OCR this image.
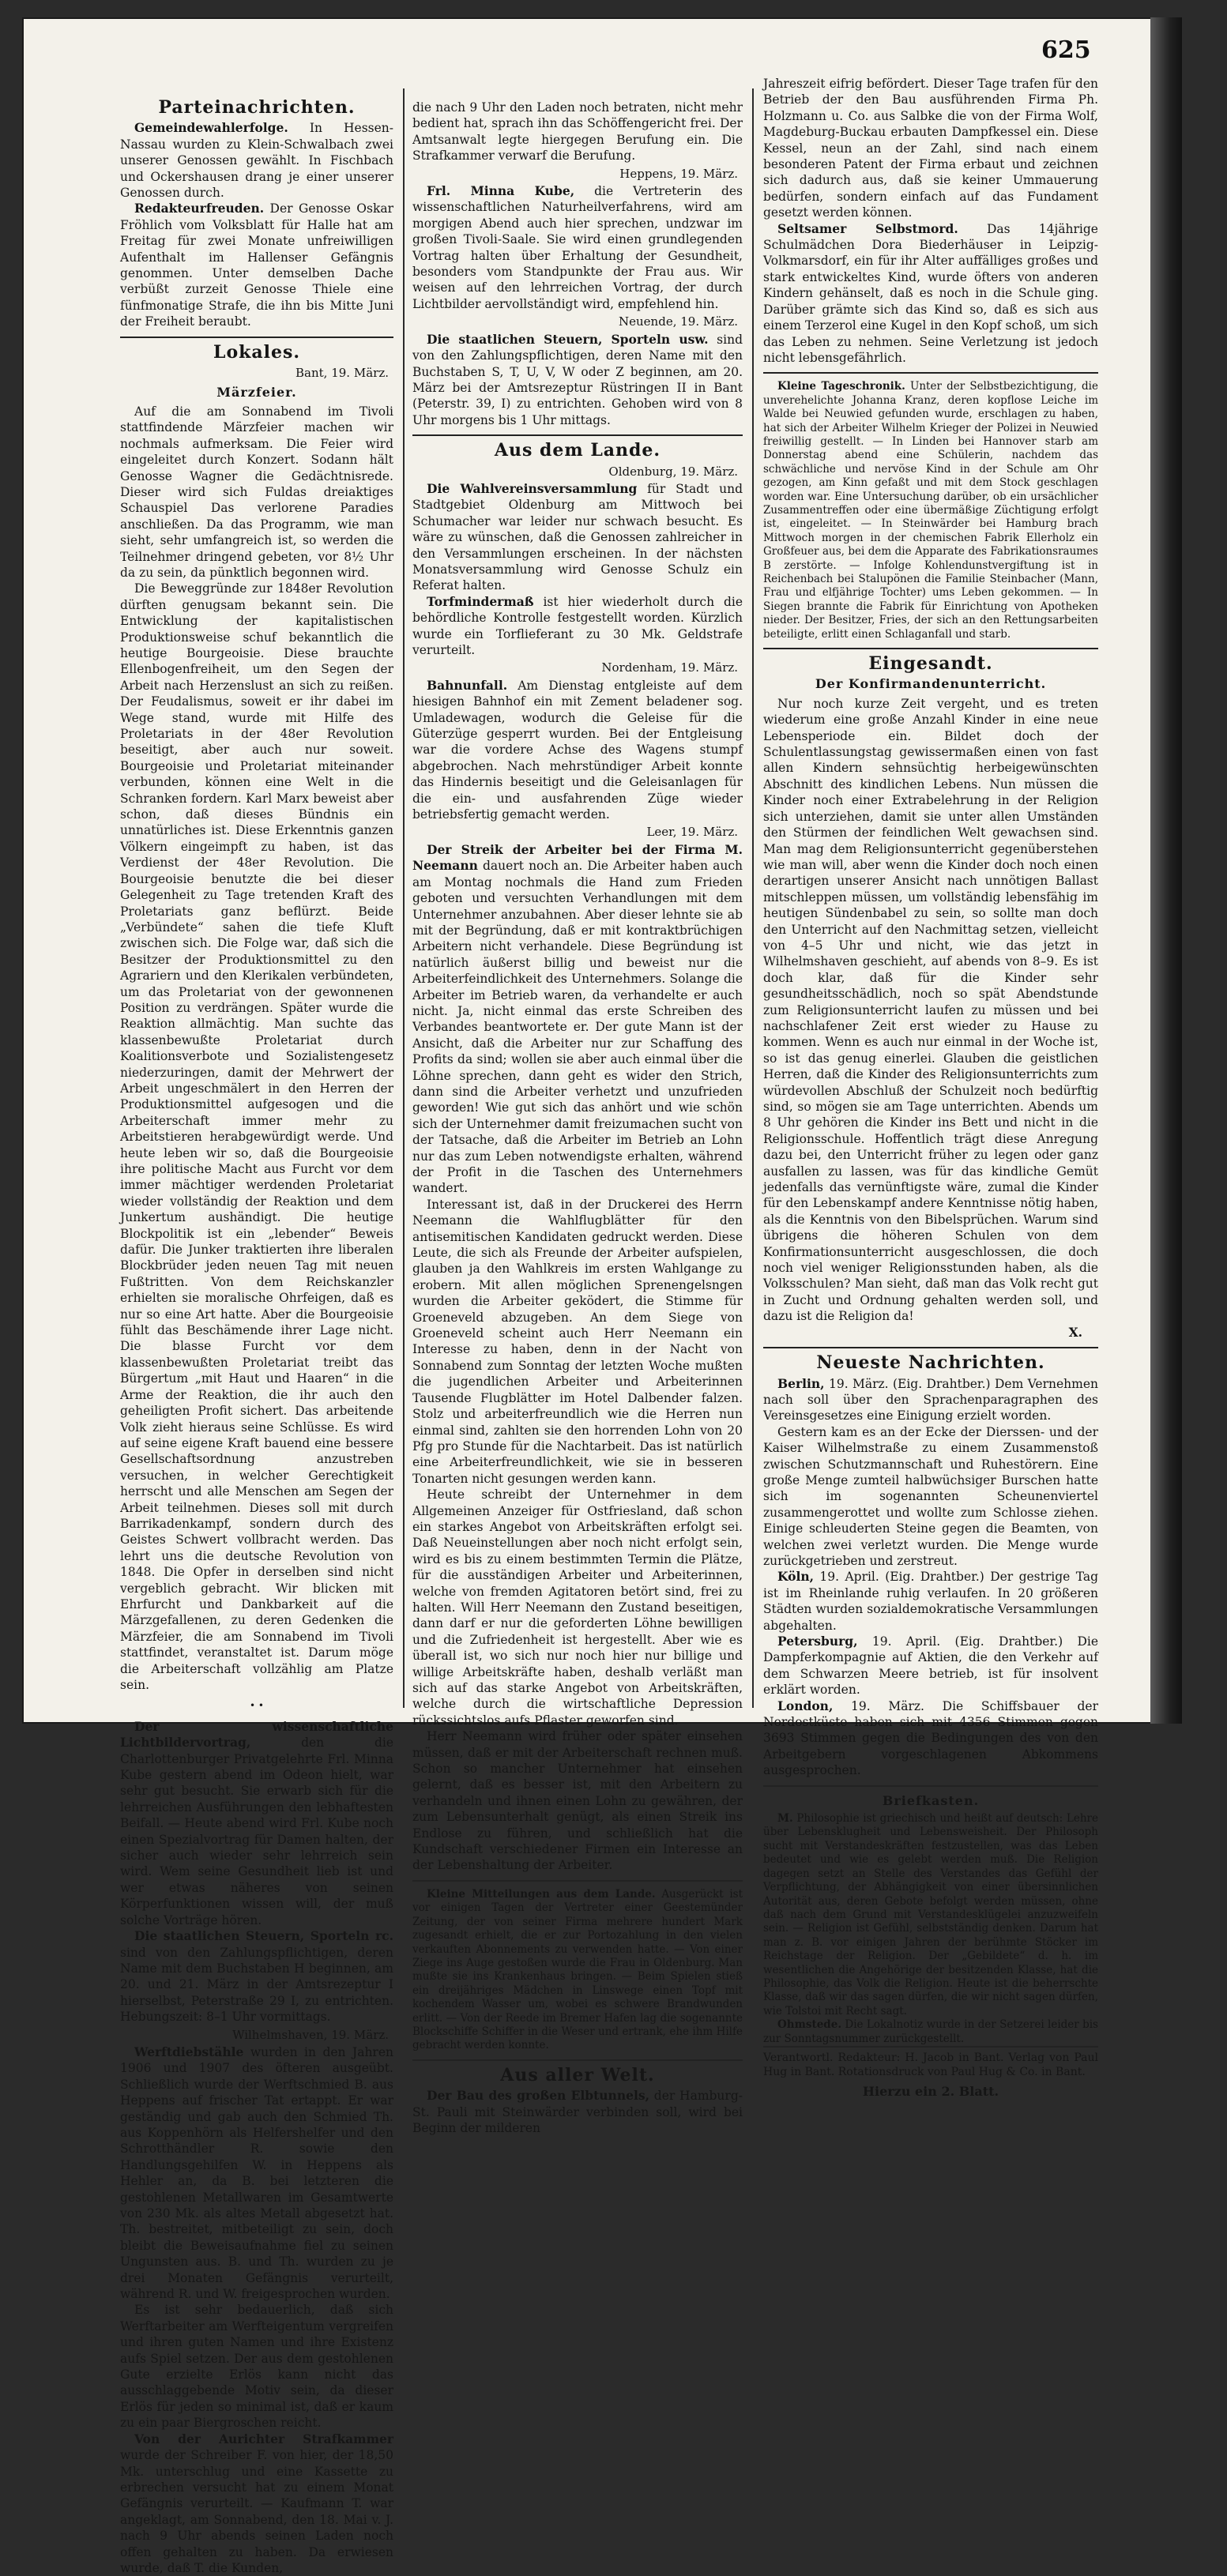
625
Parteinachrichten.

Gemeindewahlerfolge. In Hessen-Nassau wurden zu Klein-Schwalbach zwei unserer Genossen gewählt. In Fischbach und Ockershausen drang je einer unserer Genossen durch.

Redakteurfreuden. Der Genosse Oskar Fröhlich vom Volksblatt für Halle hat am Freitag für zwei Monate unfreiwilligen Aufenthalt im Hallenser Gefängnis genommen. Unter demselben Dache verbüßt zurzeit Genosse Thiele eine fünfmonatige Strafe, die ihn bis Mitte Juni der Freiheit beraubt.

Lokales.
Bant, 19. März.
Märzfeier.

Auf die am Sonnabend im Tivoli stattfindende Märzfeier machen wir nochmals aufmerksam. Die Feier wird eingeleitet durch Konzert. Sodann hält Genosse Wagner die Gedächtnisrede. Dieser wird sich Fuldas dreiaktiges Schauspiel Das verlorene Paradies anschließen. Da das Programm, wie man sieht, sehr umfangreich ist, so werden die Teilnehmer dringend gebeten, vor 8½ Uhr da zu sein, da pünktlich begonnen wird.

Die Beweggründe zur 1848er Revolution dürften genugsam bekannt sein. Die Entwicklung der kapitalistischen Produktionsweise schuf bekanntlich die heutige Bourgeoisie. Diese brauchte Ellenbogenfreiheit, um den Segen der Arbeit nach Herzenslust an sich zu reißen. Der Feudalismus, soweit er ihr dabei im Wege stand, wurde mit Hilfe des Proletariats in der 48er Revolution beseitigt, aber auch nur soweit. Bourgeoisie und Proletariat miteinander verbunden, können eine Welt in die Schranken fordern. Karl Marx beweist aber schon, daß dieses Bündnis ein unnatürliches ist. Diese Erkenntnis ganzen Völkern eingeimpft zu haben, ist das Verdienst der 48er Revolution. Die Bourgeoisie benutzte die bei dieser Gelegenheit zu Tage tretenden Kraft des Proletariats ganz beflürzt. Beide „Verbündete“ sahen die tiefe Kluft zwischen sich. Die Folge war, daß sich die Besitzer der Produktionsmittel zu den Agrariern und den Klerikalen verbündeten, um das Proletariat von der gewonnenen Position zu verdrängen. Später wurde die Reaktion allmächtig. Man suchte das klassenbewußte Proletariat durch Koalitionsverbote und Sozialistengesetz niederzuringen, damit der Mehrwert der Arbeit ungeschmälert in den Herren der Produktionsmittel aufgesogen und die Arbeiterschaft immer mehr zu Arbeitstieren herabgewürdigt werde. Und heute leben wir so, daß die Bourgeoisie ihre politische Macht aus Furcht vor dem immer mächtiger werdenden Proletariat wieder vollständig der Reaktion und dem Junkertum aushändigt. Die heutige Blockpolitik ist ein „lebender“ Beweis dafür. Die Junker traktierten ihre liberalen Blockbrüder jeden neuen Tag mit neuen Fußtritten. Von dem Reichskanzler erhielten sie moralische Ohrfeigen, daß es nur so eine Art hatte. Aber die Bourgeoisie fühlt das Beschämende ihrer Lage nicht. Die blasse Furcht vor dem klassenbewußten Proletariat treibt das Bürgertum „mit Haut und Haaren“ in die Arme der Reaktion, die ihr auch den geheiligten Profit sichert. Das arbeitende Volk zieht hieraus seine Schlüsse. Es wird auf seine eigene Kraft bauend eine bessere Gesellschaftsordnung anzustreben versuchen, in welcher Gerechtigkeit herrscht und alle Menschen am Segen der Arbeit teilnehmen. Dieses soll mit durch Barrikadenkampf, sondern durch des Geistes Schwert vollbracht werden. Das lehrt uns die deutsche Revolution von 1848. Die Opfer in derselben sind nicht vergeblich gebracht. Wir blicken mit Ehrfurcht und Dankbarkeit auf die Märzgefallenen, zu deren Gedenken die Märzfeier, die am Sonnabend im Tivoli stattfindet, veranstaltet ist. Darum möge die Arbeiterschaft vollzählig am Platze sein.

• •

Der wissenschaftliche Lichtbildervortrag,	den die Charlottenburger Privatgelehrte Frl. Minna Kube gestern abend im Odeon hielt, war sehr gut besucht. Sie erwarb sich für die lehrreichen Ausführungen den lebhaftesten Beifall. — Heute abend wird Frl. Kube noch einen Spezialvortrag für Damen halten, der sicher auch wieder sehr lehrreich sein wird. Wem seine Gesundheit lieb ist und wer etwas näheres von seinen Körperfunktionen wissen will, der muß solche Vorträge hören.

Die staatlichen Steuern, Sporteln rc. sind von den Zahlungspflichtigen, deren Name mit dem Buchstaben H beginnen, am 20. und 21. März in der Amtsrezeptur I hierselbst, Peterstraße 29 I, zu entrichten. Hebungszeit: 8–1 Uhr vormittags.

Wilhelmshaven, 19. März.

Werftdiebstähle wurden in den Jahren 1906 und 1907 des öfteren ausgeübt. Schließlich wurde der Werftschmied B. aus Heppens auf frischer Tat ertappt. Er war geständig und gab auch den Schmied Th. aus Koppenhörn als Helfershelfer und den Schrotthändler R. sowie den Handlungsgehilfen W. in Heppens als Hehler an, da B. bei letzteren die gestohlenen Metallwaren im Gesamtwerte von 230 Mk. als altes Metall abgesetzt hat. Th. bestreitet, mitbeteiligt zu sein, doch bleibt die Beweisaufnahme fiel zu seinen Ungunsten aus. B. und Th. wurden zu je drei Monaten Gefängnis verurteilt, während R. und W. freigesprochen wurden.

Es ist sehr bedauerlich, daß sich Werftarbeiter am Werfteigentum vergreifen und ihren guten Namen und ihre Existenz aufs Spiel setzen. Der aus dem gestohlenen Gute erzielte Erlös kann nicht das ausschlaggebende Motiv sein, da dieser Erlös für jeden so minimal ist, daß er kaum zu ein paar Biergroschen reicht.

Von der Aurichter Strafkammer wurde der Schreiber F. von hier, der 18,50 Mk. unterschlug und eine Kassette zu erbrechen versucht hat zu einem Monat Gefängnis verurteilt. — Kaufmann T. war angeklagt, am Sonnabend, den 18. Mai v. J. nach 9 Uhr abends seinen Laden noch offen gehalten zu haben. Da erwiesen wurde, daß T. die Kunden,

die nach 9 Uhr den Laden noch betraten, nicht mehr bedient hat, sprach ihn das Schöffengericht frei. Der Amtsanwalt legte hiergegen Berufung ein. Die Strafkammer verwarf die Berufung.

Heppens, 19. März.

Frl. Minna Kube, die Vertreterin des wissenschaftlichen Naturheilverfahrens, wird am morgigen Abend auch hier sprechen, undzwar im großen Tivoli-Saale. Sie wird einen grundlegenden Vortrag halten über Erhaltung der Gesundheit, besonders vom Standpunkte der Frau aus. Wir weisen auf den lehrreichen Vortrag, der durch Lichtbilder aervollständigt wird, empfehlend hin.

Neuende, 19. März.

Die staatlichen Steuern, Sporteln usw. sind von den Zahlungspflichtigen, deren Name mit den Buchstaben S, T, U, V, W oder Z beginnen, am 20. März bei der Amtsrezeptur Rüstringen II in Bant (Peterstr. 39, I) zu entrichten. Gehoben wird von 8 Uhr morgens bis 1 Uhr mittags.

Aus dem Lande.
Oldenburg, 19. März.

Die Wahlvereinsversammlung für Stadt und Stadtgebiet Oldenburg am Mittwoch bei Schumacher war leider nur schwach besucht. Es wäre zu wünschen, daß die Genossen zahlreicher in den Versammlungen erscheinen. In der nächsten Monatsversammlung wird Genosse Schulz ein Referat halten.

Torfmindermaß ist hier wiederholt durch die behördliche Kontrolle festgestellt worden. Kürzlich wurde ein Torflieferant zu 30 Mk. Geldstrafe verurteilt.

Nordenham, 19. März.

Bahnunfall. Am Dienstag entgleiste auf dem hiesigen Bahnhof ein mit Zement beladener sog. Umladewagen, wodurch die Geleise für die Güterzüge gesperrt wurden. Bei der Entgleisung war die vordere Achse des Wagens stumpf abgebrochen. Nach mehrstündiger Arbeit konnte das Hindernis beseitigt und die Geleisanlagen für die ein- und ausfahrenden Züge wieder betriebsfertig gemacht werden.

Leer, 19. März.

Der Streik der Arbeiter bei der Firma M. Neemann dauert noch an. Die Arbeiter haben auch am Montag nochmals die Hand zum Frieden geboten und versuchten Verhandlungen mit dem Unternehmer anzubahnen. Aber dieser lehnte sie ab mit der Begründung, daß er mit kontraktbrüchigen Arbeitern nicht verhandele. Diese Begründung ist natürlich äußerst billig und beweist nur die Arbeiterfeindlichkeit des Unternehmers. Solange die Arbeiter im Betrieb waren, da verhandelte er auch nicht. Ja, nicht einmal das erste Schreiben des Verbandes beantwortete er. Der gute Mann ist der Ansicht, daß die Arbeiter nur zur Schaffung des Profits da sind; wollen sie aber auch einmal über die Löhne sprechen, dann geht es wider den Strich, dann sind die Arbeiter verhetzt und unzufrieden geworden! Wie gut sich das anhört und wie schön sich der Unternehmer damit freizumachen sucht von der Tatsache, daß die Arbeiter im Betrieb an Lohn nur das zum Leben notwendigste erhalten, während der Profit in die Taschen des Unternehmers wandert.

Interessant ist, daß in der Druckerei des Herrn Neemann die Wahlflugblätter für den antisemitischen Kandidaten gedruckt werden. Diese Leute, die sich als Freunde der Arbeiter aufspielen, glauben ja den Wahlkreis im ersten Wahlgange zu erobern. Mit allen möglichen Sprenengelsngen wurden die Arbeiter geködert, die Stimme für Groeneveld abzugeben. An dem Siege von Groeneveld scheint auch Herr Neemann ein Interesse zu haben, denn in der Nacht von Sonnabend zum Sonntag der letzten Woche mußten die jugendlichen Arbeiter und Arbeiterinnen Tausende Flugblätter im Hotel Dalbender falzen. Stolz und arbeiterfreundlich wie die Herren nun einmal sind, zahlten sie den horrenden Lohn von 20 Pfg pro Stunde für die Nachtarbeit. Das ist natürlich eine Arbeiterfreundlichkeit, wie sie in besseren Tonarten nicht gesungen werden kann.

Heute schreibt der Unternehmer in dem Allgemeinen Anzeiger für Ostfriesland, daß schon ein starkes Angebot von Arbeitskräften erfolgt sei. Daß Neueinstellungen aber noch nicht erfolgt sein, wird es bis zu einem bestimmten Termin die Plätze, für die ausständigen Arbeiter und Arbeiterinnen, welche von fremden Agitatoren betört sind, frei zu halten. Will Herr Neemann den Zustand beseitigen, dann darf er nur die geforderten Löhne bewilligen und die Zufriedenheit ist hergestellt. Aber wie es überall ist, wo sich nur noch hier nur billige und willige Arbeitskräfte haben, deshalb verläßt man sich auf das starke Angebot von Arbeitskräften, welche durch die wirtschaftliche Depression rückssichtslos aufs Pflaster geworfen sind.

Herr Neemann wird früher oder später einsehen müssen, daß er mit der Arbeiterschaft rechnen muß. Schon so mancher Unternehmer hat einsehen gelernt, daß es besser ist, mit den Arbeitern zu verhandeln und ihnen einen Lohn zu gewähren, der zum Lebensunterhalt genügt, als einen Streik ins Endlose zu führen, und schließlich hat die Kundschaft verschiedener Firmen ein Interesse an der Lebenshaltung der Arbeiter.

Kleine Mitteilungen aus dem Lande. Ausgerückt ist vor einigen Tagen der Vertreter einer Geestemünder Zeitung, der von seiner Firma mehrere hundert Mark zugesandt erhielt, die er zur Portozahlung in den vielen verkauften Abonnements zu verwenden hatte. — Von einer Ziege ins Auge gestoßen wurde die Frau in Oldenburg. Man mußte sie ins Krankenhaus bringen. — Beim Spielen stieß ein dreijähriges Mädchen in Linswege einen Topf mit kochendem Wasser um, wobei es schwere Brandwunden erlitt. — Von der Reede im Bremer Hafen lag die sogenannte Blockschiffe Schiffer in die Weser und ertrank, ehe ihm Hilfe gebracht werden konnte.

Aus aller Welt.

Der Bau des großen Elbtunnels, der Hamburg-St. Pauli mit Steinwärder verbinden soll, wird bei Beginn der milderen

Jahreszeit eifrig befördert. Dieser Tage trafen für den Betrieb der den Bau ausführenden Firma Ph. Holzmann u. Co. aus Salbke die von der Firma Wolf, Magdeburg-Buckau erbauten Dampfkessel ein. Diese Kessel, neun an der Zahl, sind nach einem besonderen Patent der Firma erbaut und zeichnen sich dadurch aus, daß sie keiner Ummauerung bedürfen, sondern einfach auf das Fundament gesetzt werden können.

Seltsamer Selbstmord. Das 14jährige Schulmädchen Dora Biederhäuser in Leipzig-Volkmarsdorf, ein für ihr Alter auffälliges großes und stark entwickeltes Kind, wurde öfters von anderen Kindern gehänselt, daß es noch in die Schule ging. Darüber grämte sich das Kind so, daß es sich aus einem Terzerol eine Kugel in den Kopf schoß, um sich das Leben zu nehmen. Seine Verletzung ist jedoch nicht lebensgefährlich.

Kleine Tageschronik. Unter der Selbstbezichtigung, die unverehelichte Johanna Kranz, deren kopflose Leiche im Walde bei Neuwied gefunden wurde, erschlagen zu haben, hat sich der Arbeiter Wilhelm Krieger der Polizei in Neuwied freiwillig gestellt. — In Linden bei Hannover starb am Donnerstag abend eine Schülerin, nachdem das schwächliche und nervöse Kind in der Schule am Ohr gezogen, am Kinn gefaßt und mit dem Stock geschlagen worden war. Eine Untersuchung darüber, ob ein ursächlicher Zusammentreffen oder eine übermäßige Züchtigung erfolgt ist, eingeleitet. — In Steinwärder bei Hamburg brach Mittwoch morgen in der chemischen Fabrik Ellerholz ein Großfeuer aus, bei dem die Apparate des Fabrikationsraumes B zerstörte. — Infolge Kohlendunstvergiftung ist in Reichenbach bei Stalupönen die Familie Steinbacher (Mann, Frau und elfjährige Tochter) ums Leben gekommen. — In Siegen brannte die Fabrik für Einrichtung von Apotheken nieder. Der Besitzer, Fries, der sich an den Rettungsarbeiten beteiligte, erlitt einen Schlaganfall und starb.

Eingesandt.
Der Konfirmandenunterricht.

Nur noch kurze Zeit vergeht, und es treten wiederum eine große Anzahl Kinder in eine neue Lebensperiode ein. Bildet doch der Schulentlassungstag gewissermaßen einen von fast allen Kindern sehnsüchtig herbeigewünschten Abschnitt des kindlichen Lebens. Nun müssen die Kinder noch einer Extrabelehrung in der Religion sich unterziehen, damit sie unter allen Umständen den Stürmen der feindlichen Welt gewachsen sind. Man mag dem Religionsunterricht gegenüberstehen wie man will, aber wenn die Kinder doch noch einen derartigen unserer Ansicht nach unnötigen Ballast mitschleppen müssen, um vollständig lebensfähig im heutigen Sündenbabel zu sein, so sollte man doch den Unterricht auf den Nachmittag setzen, vielleicht von 4–5 Uhr und nicht, wie das jetzt in Wilhelmshaven geschieht, auf abends von 8–9. Es ist doch klar, daß für die Kinder sehr gesundheitsschädlich, noch so spät Abendstunde zum Religionsunterricht laufen zu müssen und bei nachschlafener Zeit erst wieder zu Hause zu kommen. Wenn es auch nur einmal in der Woche ist, so ist das genug einerlei. Glauben die geistlichen Herren, daß die Kinder des Religionsunterrichts zum würdevollen Abschluß der Schulzeit noch bedürftig sind, so mögen sie am Tage unterrichten. Abends um 8 Uhr gehören die Kinder ins Bett und nicht in die Religionsschule. Hoffentlich trägt diese Anregung dazu bei, den Unterricht früher zu legen oder ganz ausfallen zu lassen, was für das kindliche Gemüt jedenfalls das vernünftigste wäre, zumal die Kinder für den Lebenskampf andere Kenntnisse nötig haben, als die Kenntnis von den Bibelsprüchen. Warum sind übrigens die höheren Schulen von dem Konfirmationsunterricht ausgeschlossen, die doch noch viel weniger Religionsstunden haben, als die Volksschulen? Man sieht, daß man das Volk recht gut in Zucht und Ordnung gehalten werden soll, und dazu ist die Religion da!

X.
Neueste Nachrichten.

Berlin, 19. März. (Eig. Drahtber.) Dem Vernehmen nach soll über den Sprachenparagraphen des Vereinsgesetzes eine Einigung erzielt worden.

Gestern kam es an der Ecke der Dierssen- und der Kaiser Wilhelmstraße zu einem Zusammenstoß zwischen Schutzmannschaft und Ruhestörern. Eine große Menge zumteil halbwüchsiger Burschen hatte sich im sogenannten Scheunenviertel zusammengerottet und wollte zum Schlosse ziehen. Einige schleuderten Steine gegen die Beamten, von welchen zwei verletzt wurden. Die Menge wurde zurückgetrieben und zerstreut.

Köln, 19. April. (Eig. Drahtber.) Der gestrige Tag ist im Rheinlande ruhig verlaufen. In 20 größeren Städten wurden sozialdemokratische Versammlungen abgehalten.

Petersburg, 19. April. (Eig. Drahtber.) Die Dampferkompagnie auf Aktien, die den Verkehr auf dem Schwarzen Meere betrieb, ist für insolvent erklärt worden.

London, 19. März. Die Schiffsbauer der Nordostküste haben sich mit 4356 Stimmen gegen 3693 Stimmen gegen die Bedingungen des von den Arbeitgebern vorgeschlagenen Abkommens ausgesprochen.

Briefkasten.

M. Philosophie ist griechisch und heißt auf deutsch: Lehre über Lebensklugheit und Lebensweisheit. Der Philosoph sucht mit Verstandeskräften festzustellen, was das Leben bedeutet und wie es gelebt werden muß. Die Religion dagegen setzt an Stelle des Verstandes das Gefühl der Verpflichtung, der Abhängigkeit von einer übersinnlichen Autorität aus, deren Gebote befolgt werden müssen, ohne daß nach dem Grund mit Verstandesklügelei anzuzweifeln sein. — Religion ist Gefühl, selbstständig denken. Darum hat man z. B. vor einigen Jahren der berühmte Stöcker im Reichstage der Religion. Der „Gebildete“ d. h. im wesentlichen die Angehörige der besitzenden Klasse, hat die Philosophie, das Volk die Religion. Heute ist die beherrschte Klasse, daß wir das sagen dürfen, die wir nicht sagen dürfen, wie Tolstoi mit Recht sagt.

Ohmstede. Die Lokalnotiz wurde in der Setzerei leider bis zur Sonntagsnummer zurückgestellt.

Verantwortl. Redakteur: H. Jacob in Bant. Verlag von Paul Hug in Bant. Rotationsdruck von Paul Hug & Co. in Bant.
Hierzu ein 2. Blatt.
